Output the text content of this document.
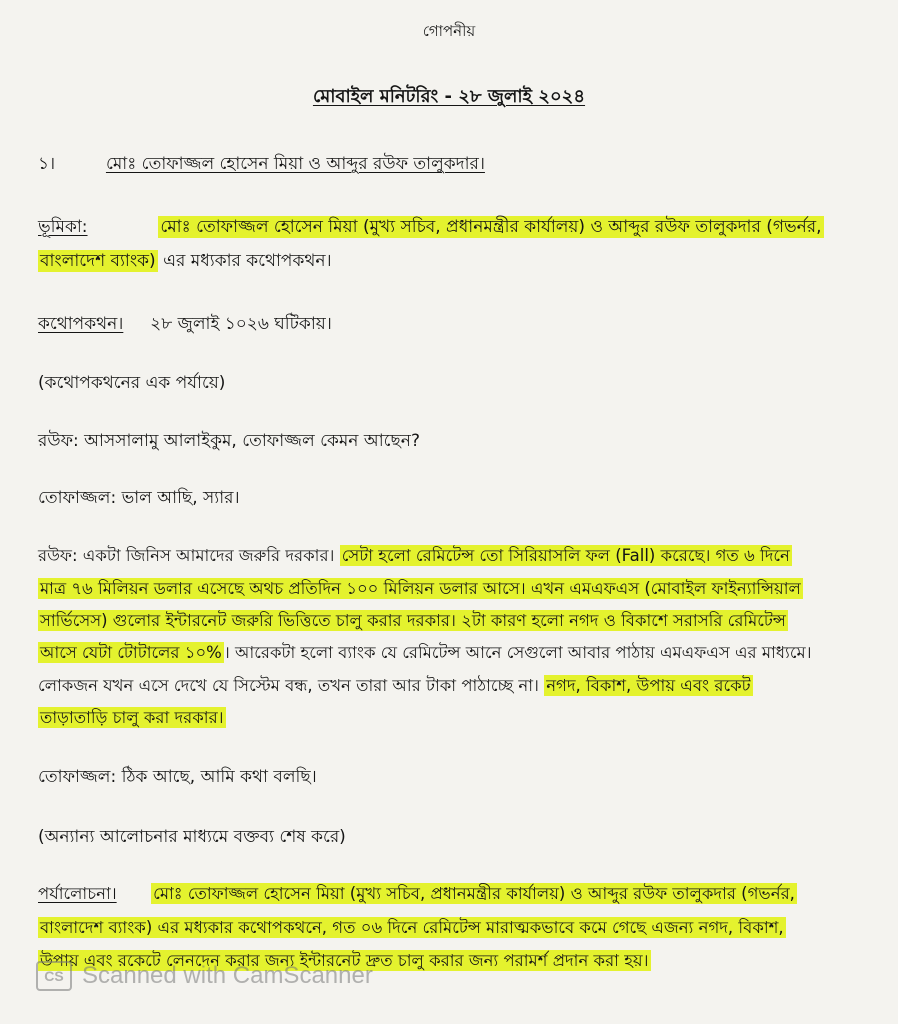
গোপনীয়
মোবাইল মনিটরিং - ২৮ জুলাই ২০২৪
১।	মোঃ তোফাজ্জল হোসেন মিয়া ও আব্দুর রউফ তালুকদার।
ভূমিকা:	মোঃ তোফাজ্জল হোসেন মিয়া (মুখ্য সচিব, প্রধানমন্ত্রীর কার্যালয়) ও আব্দুর রউফ তালুকদার (গভর্নর,
বাংলাদেশ ব্যাংক) এর মধ্যকার কথোপকথন।
কথোপকথন। ২৮ জুলাই ১০২৬ ঘটিকায়।
(কথোপকথনের এক পর্যায়ে)
রউফ: আসসালামু আলাইকুম, তোফাজ্জল কেমন আছেন?
তোফাজ্জল: ভাল আছি, স্যার।
রউফ: একটা জিনিস আমাদের জরুরি দরকার। সেটা হলো রেমিটেন্স তো সিরিয়াসলি ফল (Fall) করেছে। গত ৬ দিনে
মাত্র ৭৬ মিলিয়ন ডলার এসেছে অথচ প্রতিদিন ১০০ মিলিয়ন ডলার আসে। এখন এমএফএস (মোবাইল ফাইন্যান্সিয়াল
সার্ভিসেস) গুলোর ইন্টারনেট জরুরি ভিত্তিতে চালু করার দরকার। ২টা কারণ হলো নগদ ও বিকাশে সরাসরি রেমিটেন্স
আসে যেটা টোটালের ১০% । আরেকটা হলো ব্যাংক যে রেমিটেন্স আনে সেগুলো আবার পাঠায় এমএফএস এর মাধ্যমে।
লোকজন যখন এসে দেখে যে সিস্টেম বন্ধ, তখন তারা আর টাকা পাঠাচ্ছে না। নগদ, বিকাশ, উপায় এবং রকেট
তাড়াতাড়ি চালু করা দরকার।
তোফাজ্জল: ঠিক আছে, আমি কথা বলছি।
(অন্যান্য আলোচনার মাধ্যমে বক্তব্য শেষ করে)
পর্যালোচনা। মোঃ তোফাজ্জল হোসেন মিয়া (মুখ্য সচিব, প্রধানমন্ত্রীর কার্যালয়) ও আব্দুর রউফ তালুকদার (গভর্নর,
বাংলাদেশ ব্যাংক) এর মধ্যকার কথোপকথনে, গত ০৬ দিনে রেমিটেন্স মারাত্মকভাবে কমে গেছে এজন্য নগদ, বিকাশ,
উপায় এবং রকেটে লেনদেন করার জন্য ইন্টারনেট দ্রুত চালু করার জন্য পরামর্শ প্রদান করা হয়।
CS Scanned with CamScanner
